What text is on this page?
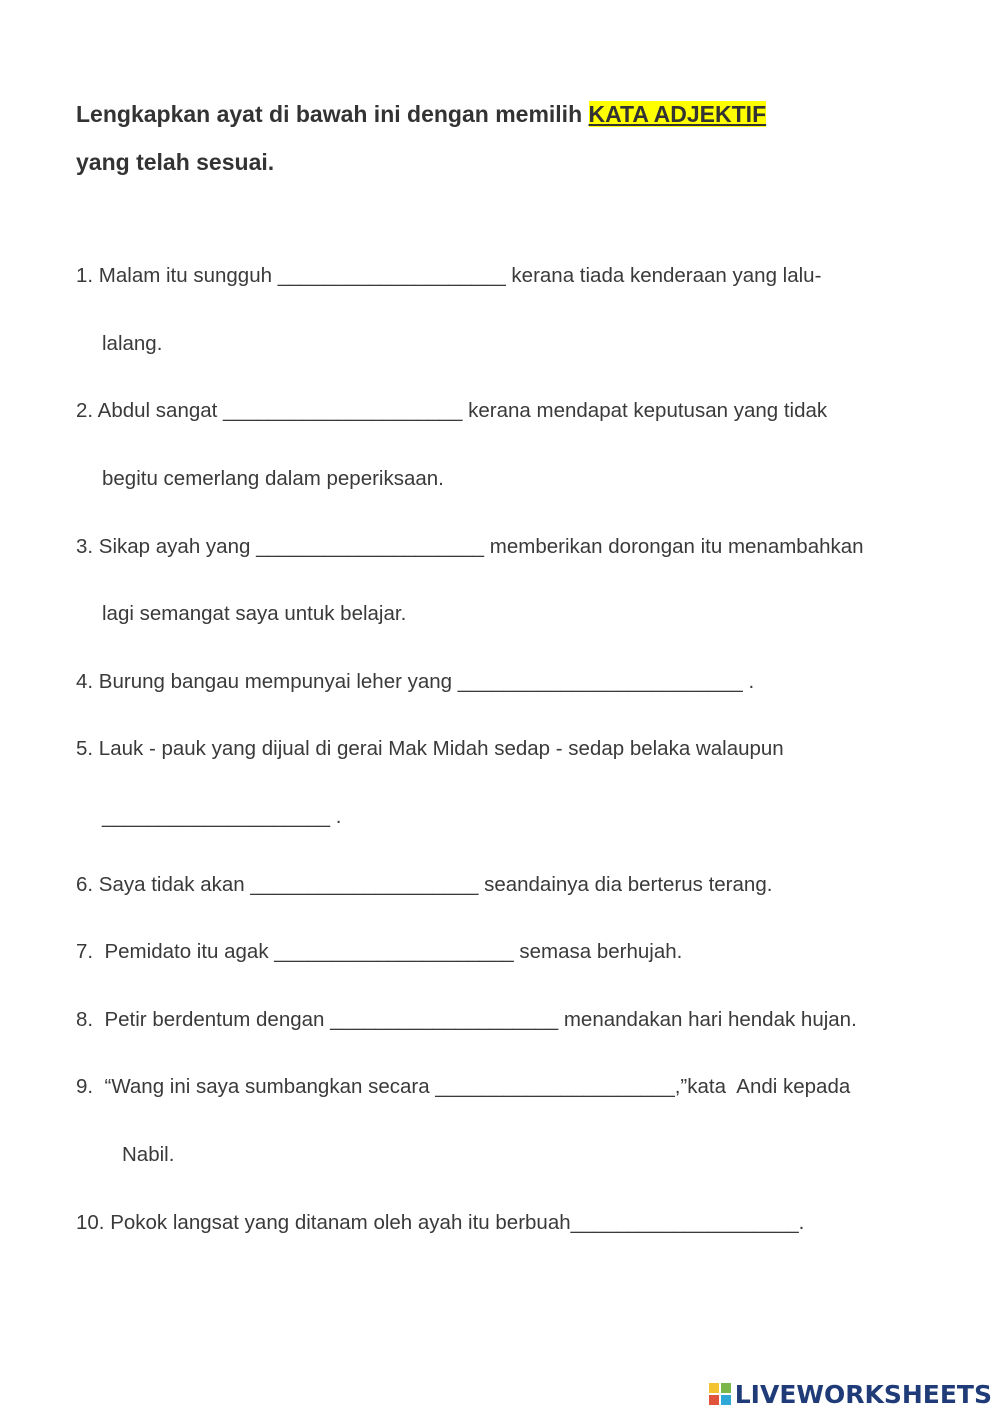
Lengkapkan ayat di bawah ini dengan memilih KATA ADJEKTIF
yang telah sesuai.
1. Malam itu sungguh ____________________ kerana tiada kenderaan yang lalu-
lalang.
2. Abdul sangat _____________________ kerana mendapat keputusan yang tidak
begitu cemerlang dalam peperiksaan.
3. Sikap ayah yang ____________________ memberikan dorongan itu menambahkan
lagi semangat saya untuk belajar.
4. Burung bangau mempunyai leher yang _________________________ .
5. Lauk - pauk yang dijual di gerai Mak Midah sedap - sedap belaka walaupun
____________________ .
6. Saya tidak akan ____________________ seandainya dia berterus terang.
7.  Pemidato itu agak _____________________ semasa berhujah.
8.  Petir berdentum dengan ____________________ menandakan hari hendak hujan.
9.  “Wang ini saya sumbangkan secara _____________________,”kata  Andi kepada
Nabil.
10. Pokok langsat yang ditanam oleh ayah itu berbuah____________________.
LIVEWORKSHEETS
